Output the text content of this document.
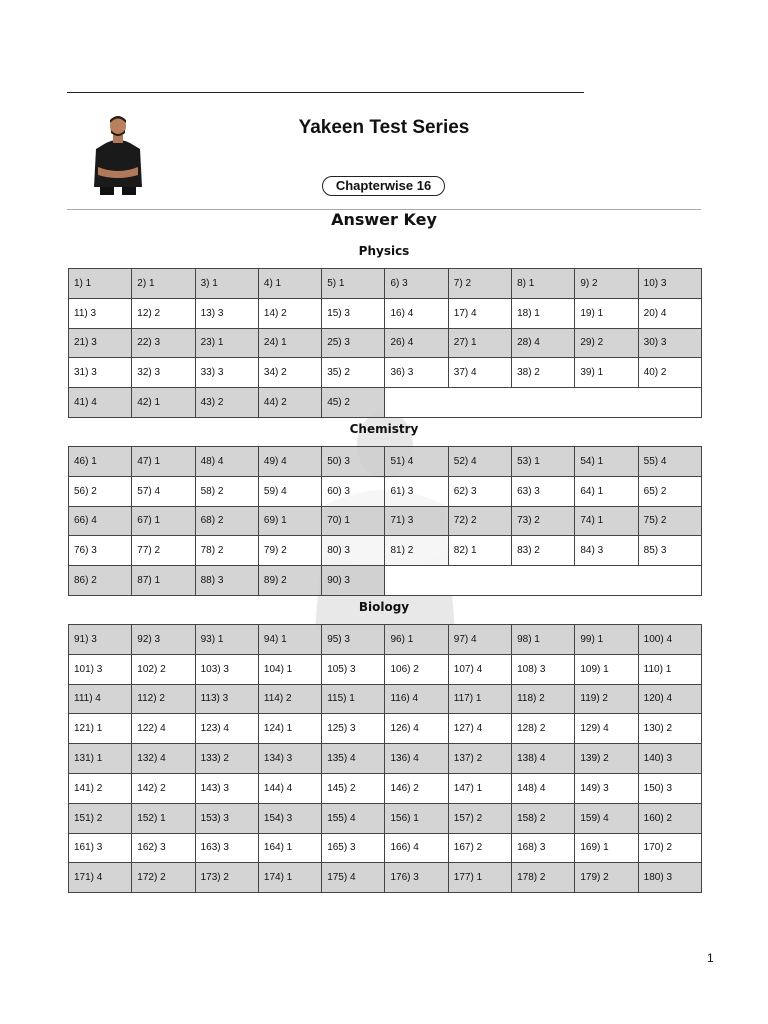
Yakeen Test Series
Chapterwise 16
Answer Key
Physics
1) 1	2) 1	3) 1	4) 1	5) 1	6) 3	7) 2	8) 1	9) 2	10) 3
11) 3	12) 2	13) 3	14) 2	15) 3	16) 4	17) 4	18) 1	19) 1	20) 4
21) 3	22) 3	23) 1	24) 1	25) 3	26) 4	27) 1	28) 4	29) 2	30) 3
31) 3	32) 3	33) 3	34) 2	35) 2	36) 3	37) 4	38) 2	39) 1	40) 2
41) 4	42) 1	43) 2	44) 2	45) 2					
Chemistry
46) 1	47) 1	48) 4	49) 4	50) 3	51) 4	52) 4	53) 1	54) 1	55) 4
56) 2	57) 4	58) 2	59) 4	60) 3	61) 3	62) 3	63) 3	64) 1	65) 2
66) 4	67) 1	68) 2	69) 1	70) 1	71) 3	72) 2	73) 2	74) 1	75) 2
76) 3	77) 2	78) 2	79) 2	80) 3	81) 2	82) 1	83) 2	84) 3	85) 3
86) 2	87) 1	88) 3	89) 2	90) 3					
Biology
91) 3	92) 3	93) 1	94) 1	95) 3	96) 1	97) 4	98) 1	99) 1	100) 4
101) 3	102) 2	103) 3	104) 1	105) 3	106) 2	107) 4	108) 3	109) 1	110) 1
111) 4	112) 2	113) 3	114) 2	115) 1	116) 4	117) 1	118) 2	119) 2	120) 4
121) 1	122) 4	123) 4	124) 1	125) 3	126) 4	127) 4	128) 2	129) 4	130) 2
131) 1	132) 4	133) 2	134) 3	135) 4	136) 4	137) 2	138) 4	139) 2	140) 3
141) 2	142) 2	143) 3	144) 4	145) 2	146) 2	147) 1	148) 4	149) 3	150) 3
151) 2	152) 1	153) 3	154) 3	155) 4	156) 1	157) 2	158) 2	159) 4	160) 2
161) 3	162) 3	163) 3	164) 1	165) 3	166) 4	167) 2	168) 3	169) 1	170) 2
171) 4	172) 2	173) 2	174) 1	175) 4	176) 3	177) 1	178) 2	179) 2	180) 3
1
